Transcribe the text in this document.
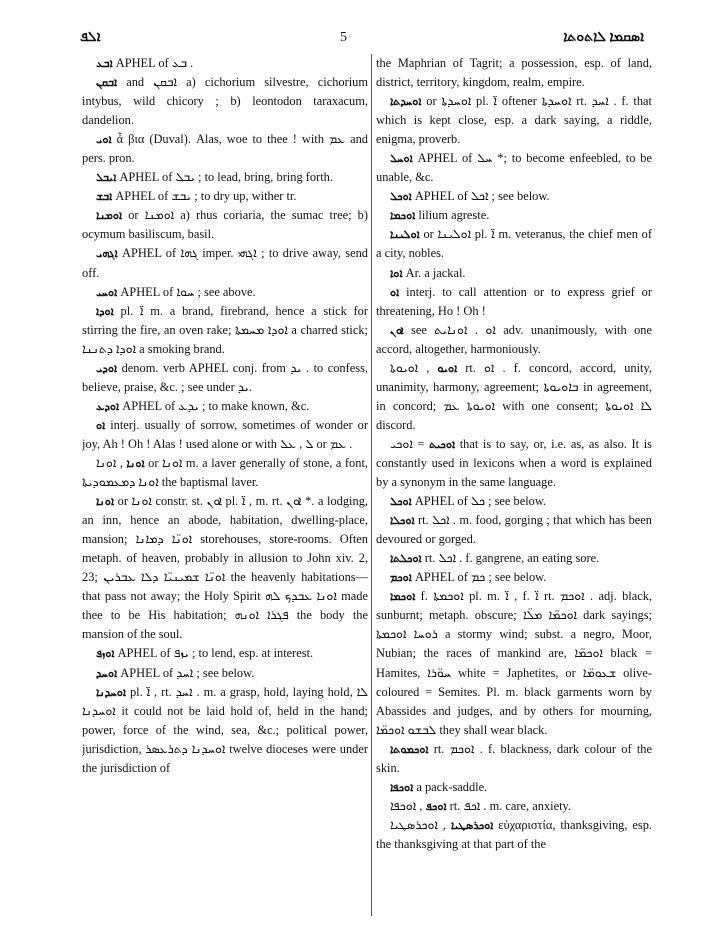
ܐܠܦ	5	ܐܣܩܡܐ ܠܐܬܘܬܐ

ܐܒܥ APHEL of ܒܥ .

ܐܒܩܢ and ܐܒܩܢ a) cichorium silvestre, cichorium intybus, wild chicory ; b) leontodon taraxacum, dandelion.

ܐܘܝ ἆ βια (Duval). Alas, woe to thee ! with ܥܡ and pers. pron.

ܐܝܒܠ APHEL of ܝܒܠ ; to lead, bring, bring forth.

ܐܒܫ APHEL of ܝܒܫ ; to dry up, wither tr.

ܐܘܡܢܐ or ܐܘܡܢܐ a) rhus coriaria, the sumac tree; b) ocymum basiliscum, basil.

ܐܓܗܝ APHEL of ܓܗܐ imper. ܐܓܗܝ ; to drive away, send off.

ܐܘܚܝ APHEL of ܚܘܐ ; see above.

ܐܘܕܐ pl. ܐ̈ m. a brand, firebrand, hence a stick for stirring the fire, an oven rake; ܐܘܕܐ ܡܚܡܬܐ a charred stick; ܐܘܕܐ ܕܬܢܢܐ a smoking brand.

ܐܘܕܝ denom. verb APHEL conj. from ܝܕ . to confess, believe, praise, &c. ; see under ܝܕ.

ܐܘܕܥ APHEL of ܝܕܥ ; to make known, &c.

ܐܘ interj. usually of sorrow, sometimes of wonder or joy, Ah ! Oh ! Alas ! used alone or with ܠ , ܥܠ or ܥܡ .

ܐܘܢܐ , ܐܘܢܐ or ܐܘܢܐ m. a laver generally of stone, a font, ܐܘܢܐ ܕܡܥܡܘܕܝܬܐ the baptismal laver.

ܐܘܢܐ or ܐܘܢܐ constr. st. ܐܘܢ pl. ܐ̈ , m. rt. ܐܘܢ *. a lodging, an inn, hence an abode, habitation, dwelling-place, mansion; ܐܘܢ̈ܐ ܕܡܐܢܐ storehouses, store-rooms. Often metaph. of heaven, probably in allusion to John xiv. 2, 23; ܐܘܢ̈ܐ ܫܡܝܢܝ̈ܐ ܕܠܐ ܥܒܪܝܢ the heavenly habitations—that pass not away; the Holy Spirit ܐܘܢܐ ܥܒܕܟ ܠܗ made thee to be His habitation; ܦܓܪܐ ܐܘܢܗ the body the mansion of the soul.

ܐܘܙܦ APHEL of ܝܙܦ ; to lend, esp. at interest.

ܐܘܚܕ APHEL of ܐܚܕ ; see below.

ܐܘܚܕܢܐ pl. ܐ̈ , rt. ܐܚܕ . m. a grasp, hold, laying hold, ܠܐ ܐܘܚܕܢܐ it could not be laid hold of, held in the hand; power, force of the wind, sea, &c.; political power, jurisdiction, ܐܘܚܕܢܐ ܕܬܪܥܣܪ twelve dioceses were under the jurisdiction of

the Maphrian of Tagrit; a possession, esp. of land, district, territory, kingdom, realm, empire.

ܐܘܚܕܬܐ or ܐܘܚܕܬܐ pl. ܐ̈ oftener ܐܘܚܕܬܐ rt. ܐܚܕ . f. that which is kept close, esp. a dark saying, a riddle, enigma, proverb.

ܐܘܚܠ APHEL of ܚܠ *; to become enfeebled, to be unable, &c.

ܐܘܟܠ APHEL of ܐܟܠ ; see below.

ܐܘܟܡܐ lilium agreste.

ܐܘܠܝܢܐ or ܐܘܠܝܢܐ pl. ܐ̈ m. veteranus, the chief men of a city, nobles.

ܐܘܐ Ar. a jackal.

ܐܘ interj. to call attention or to express grief or threatening, Ho ! Oh !

ܐܘܢ see ܐܘ . ܐܘܢܐܝܬ adv. unanimously, with one accord, altogether, harmoniously.

ܐܘܝܘ , ܐܘܝܘܬܐ rt. ܐܘ . f. concord, accord, unity, unanimity, harmony, agreement; ܒܐܘܝܘܬܐ in agreement, in concord; ܐܘܝܘܬܐ ܥܡ with one consent; ܠܐ ܐܘܝܘܬܐ discord.

ܐܘܟܝܬ = ܐܘܟܝ that is to say, or, i.e. as, as also. It is constantly used in lexicons when a word is explained by a synonym in the same language.

ܐܘܟܠ APHEL of ܟܠ ; see below.

ܐܘܟܠܐ rt. ܐܟܠ . m. food, gorging ; that which has been devoured or gorged.

ܐܘܟܠܬܐ rt. ܐܟܠ . f. gangrene, an eating sore.

ܐܘܟܡ APHEL of ܟܡ ; see below.

ܐܘܟܡܐ f. ܐܘܟܡܬܐ pl. m. ܐ̈ , f. ܐ̈ rt. ܐܘܟܡ . adj. black, sunburnt; metaph. obscure; ܐܘܟܡ̈ܐ ܡܠ̈ܐ dark sayings; ܪܘܚܐ ܐܘܟܡܬܐ a stormy wind; subst. a negro, Moor, Nubian; the races of mankind are, ܐܘܟܡ̈ܐ black = Hamites, ܚܘ̈ܪܐ white = Japhetites, or ܫܥܘܡ̈ܐ olive-coloured = Semites. Pl. m. black garments worn by Abassides and judges, and by others for mourning, ܠܒܫܘ ܐܘܟܡ̈ܐ they shall wear black.

ܐܘܟܡܘܬܐ rt. ܐܘܟܡ . f. blackness, dark colour of the skin.

ܐܘܟܦܐ a pack-saddle.

ܐܘܟܦ , ܐܘܟܦܐ rt. ܐܟܦ . m. care, anxiety.

ܐܘܟܪܣܛܝܐ , ܐܘܟܪܣܛܝܐ εὐχαριστία, thanksgiving, esp. the thanksgiving at that part of the
